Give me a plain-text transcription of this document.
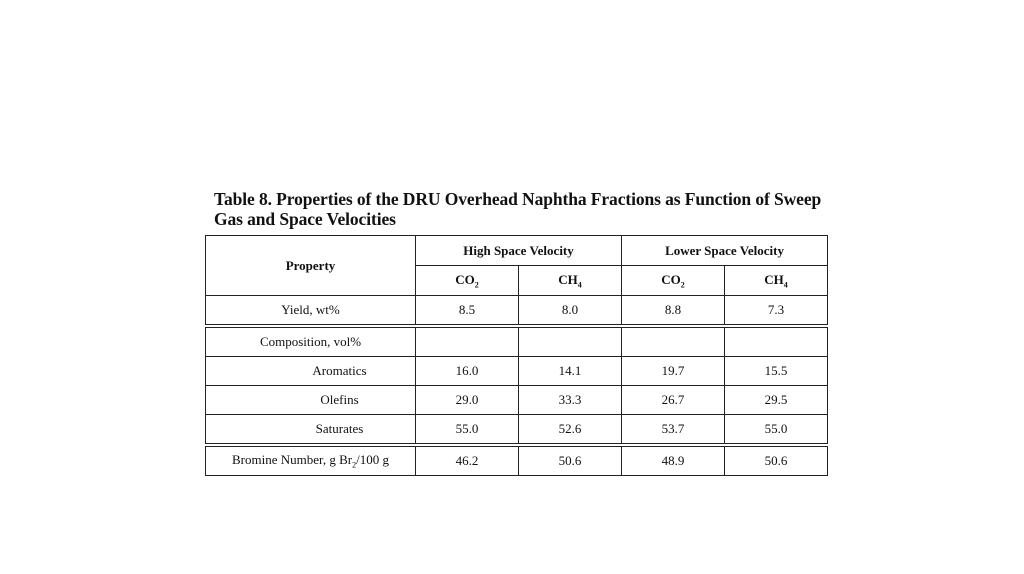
Table 8. Properties of the DRU Overhead Naphtha Fractions as Function of Sweep
Gas and Space Velocities
Property	High Space Velocity		Lower Space Velocity	
	$CO_2$	$CH_4$	$CO_2$	$CH_4$
Yield, wt%	8.5	8.0	8.8	7.3
Composition, vol%				
Aromatics	16.0	14.1	19.7	15.5
Olefins	29.0	33.3	26.7	29.5
Saturates	55.0	52.6	53.7	55.0
Bromine Number, g $Br_2/100$ g	46.2	50.6	48.9	50.6
